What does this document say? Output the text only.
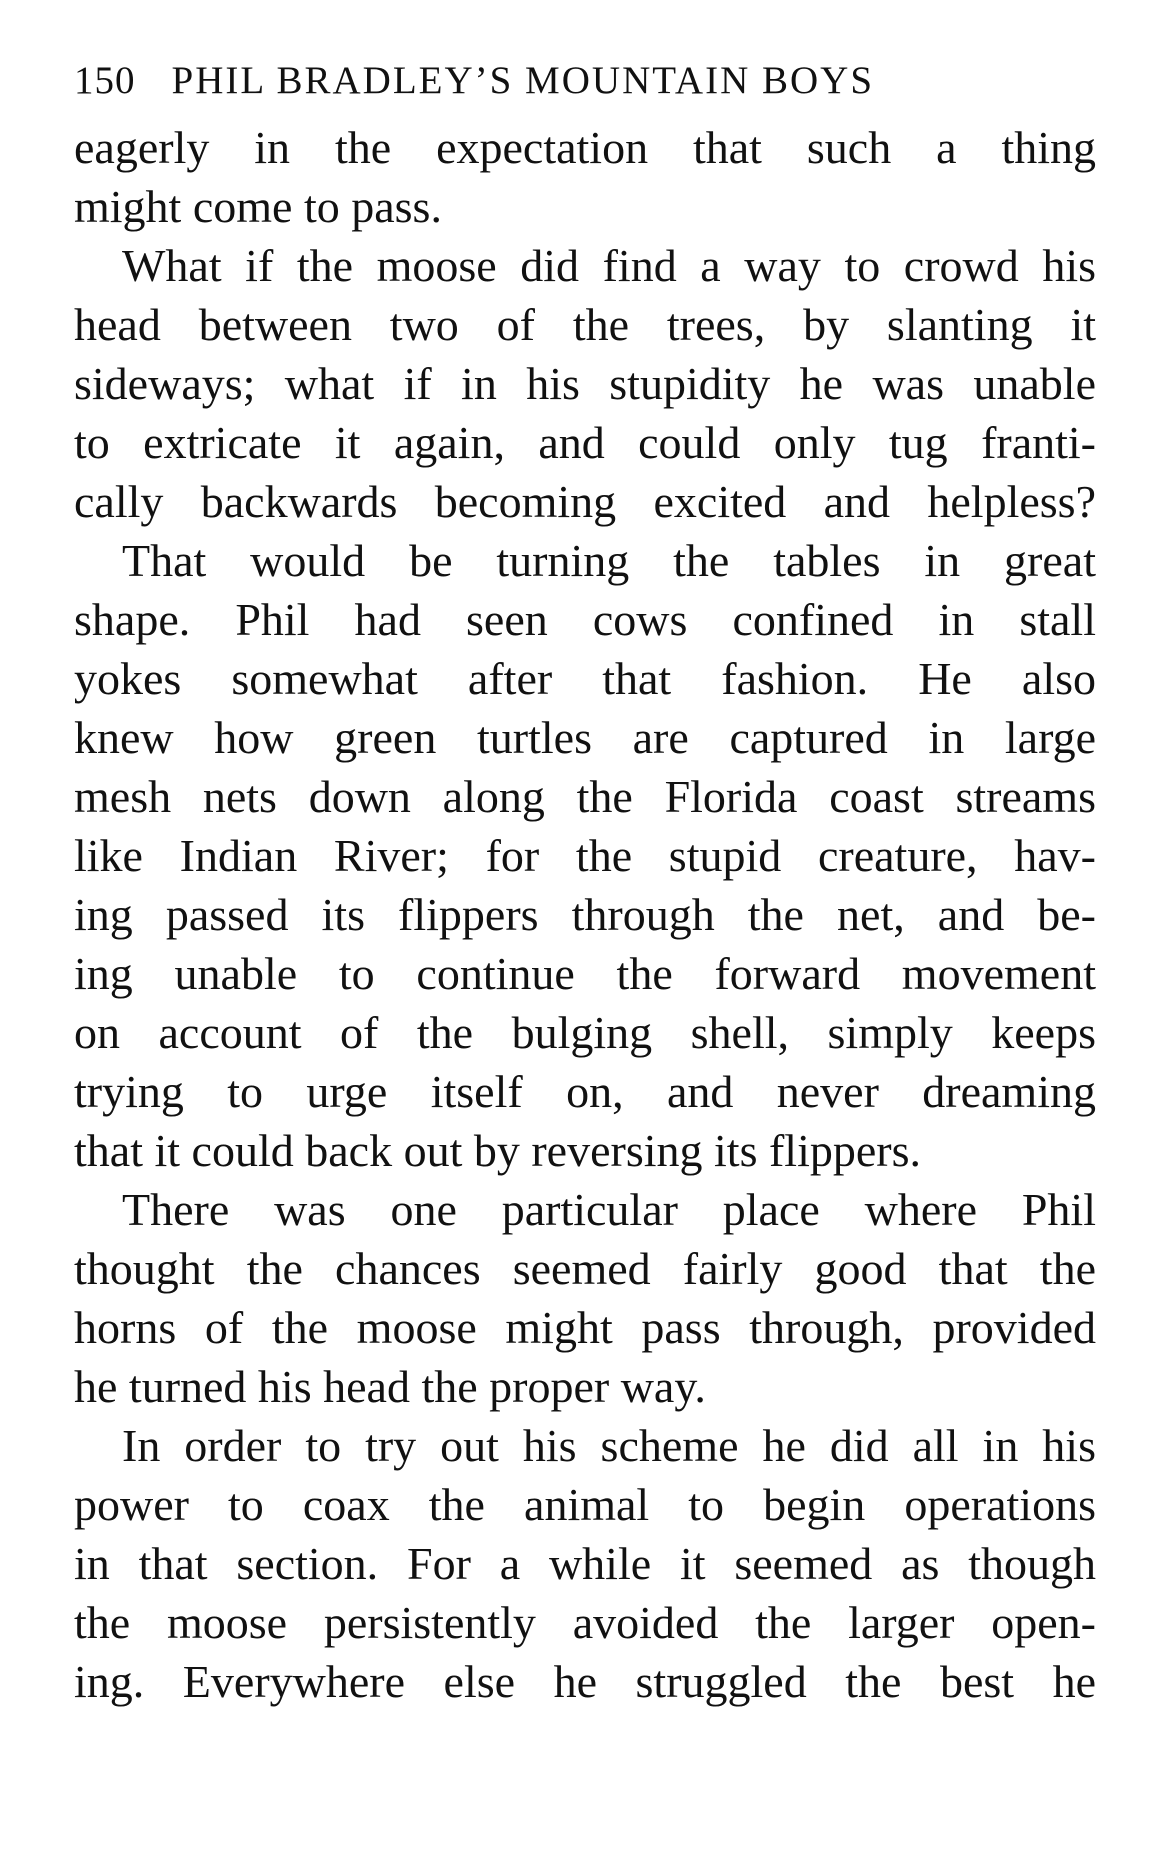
150 PHIL BRADLEY’S MOUNTAIN BOYS
eagerly in the expectation that such a thing
might come to pass.
What if the moose did find a way to crowd his
head between two of the trees, by slanting it
sideways; what if in his stupidity he was unable
to extricate it again, and could only tug franti-
cally backwards becoming excited and helpless?
That would be turning the tables in great
shape. Phil had seen cows confined in stall
yokes somewhat after that fashion. He also
knew how green turtles are captured in large
mesh nets down along the Florida coast streams
like Indian River; for the stupid creature, hav-
ing passed its flippers through the net, and be-
ing unable to continue the forward movement
on account of the bulging shell, simply keeps
trying to urge itself on, and never dreaming
that it could back out by reversing its flippers.
There was one particular place where Phil
thought the chances seemed fairly good that the
horns of the moose might pass through, provided
he turned his head the proper way.
In order to try out his scheme he did all in his
power to coax the animal to begin operations
in that section. For a while it seemed as though
the moose persistently avoided the larger open-
ing. Everywhere else he struggled the best he
